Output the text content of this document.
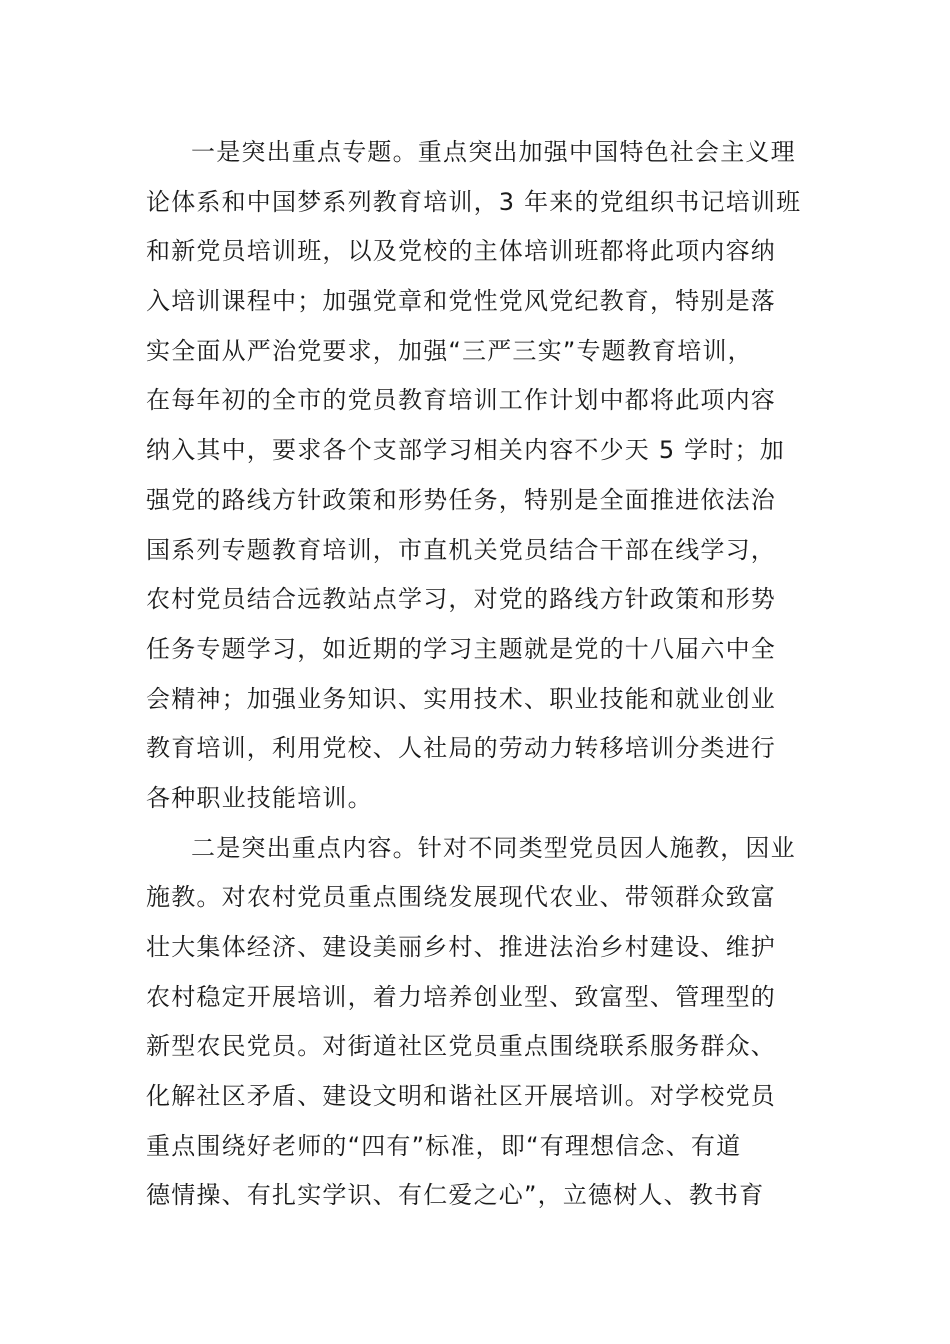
一是突出重点专题。重点突出加强中国特色社会主义理
论体系和中国梦系列教育培训，3 年来的党组织书记培训班
和新党员培训班，以及党校的主体培训班都将此项内容纳
入培训课程中；加强党章和党性党风党纪教育，特别是落
实全面从严治党要求，加强“三严三实”专题教育培训，
在每年初的全市的党员教育培训工作计划中都将此项内容
纳入其中，要求各个支部学习相关内容不少天 5 学时；加
强党的路线方针政策和形势任务，特别是全面推进依法治
国系列专题教育培训，市直机关党员结合干部在线学习，
农村党员结合远教站点学习，对党的路线方针政策和形势
任务专题学习，如近期的学习主题就是党的十八届六中全
会精神；加强业务知识、实用技术、职业技能和就业创业
教育培训，利用党校、人社局的劳动力转移培训分类进行
各种职业技能培训。
二是突出重点内容。针对不同类型党员因人施教，因业
施教。对农村党员重点围绕发展现代农业、带领群众致富
壮大集体经济、建设美丽乡村、推进法治乡村建设、维护
农村稳定开展培训，着力培养创业型、致富型、管理型的
新型农民党员。对街道社区党员重点围绕联系服务群众、
化解社区矛盾、建设文明和谐社区开展培训。对学校党员
重点围绕好老师的“四有”标准，即“有理想信念、有道
德情操、有扎实学识、有仁爱之心”，立德树人、教书育
